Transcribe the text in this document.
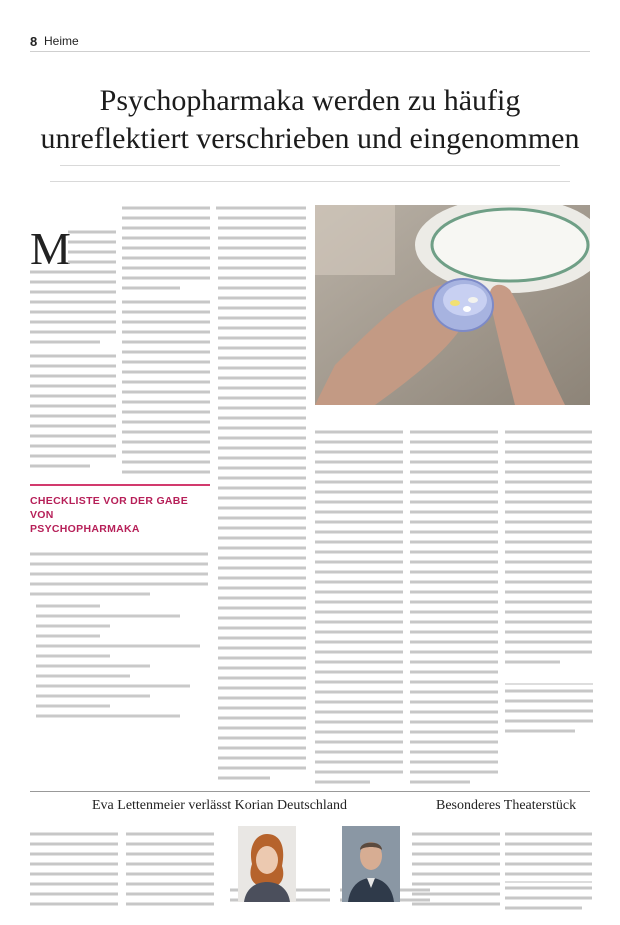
8 Heime
Psychopharmaka werden zu häufig
unreflektiert verschrieben und eingenommen
M
CHECKLISTE VOR DER GABE VON
PSYCHOPHARMAKA
Eva Lettenmeier verlässt Korian Deutschland	Besonderes Theaterstück
